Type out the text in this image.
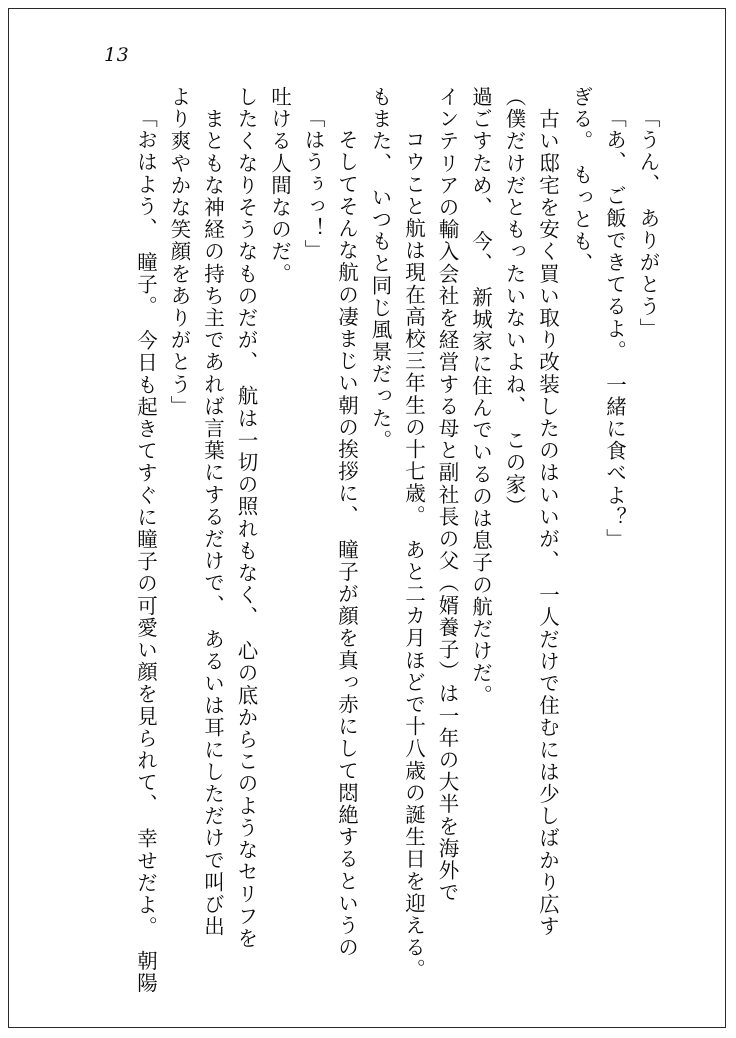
13
「おはよう、　瞳子。　今日も起きてすぐに瞳子の可愛い顔を見られて、　幸せだよ。　朝陽 より爽やかな笑顔をありがとう」 　まともな神経の持ち主であれば言葉にするだけで、　あるいは耳にしただけで叫び出 したくなりそうなものだが、　航は一切の照れもなく、　心の底からこのようなセリフを 吐ける人間なのだ。 「はうぅっ！」 　そしてそんな航の凄まじい朝の挨拶に、　瞳子が顔を真っ赤にして悶絶するというの もまた、　いつもと同じ風景だった。 　コウこと航は現在高校三年生の十七歳。　あと二カ月ほどで十八歳の誕生日を迎える。 インテリアの輸入会社を経営する母と副社長の父（婿養子）は一年の大半を海外で 過ごすため、　今、　新城家に住んでいるのは息子の航だけだ。 （僕だけだともったいないよね、　この家） 　古い邸宅を安く買い取り改装したのはいいが、　一人だけで住むには少しばかり広す ぎる。　もっとも、 「あ、　ご飯できてるよ。　一緒に食べよ？」 「うん、　ありがとう」
